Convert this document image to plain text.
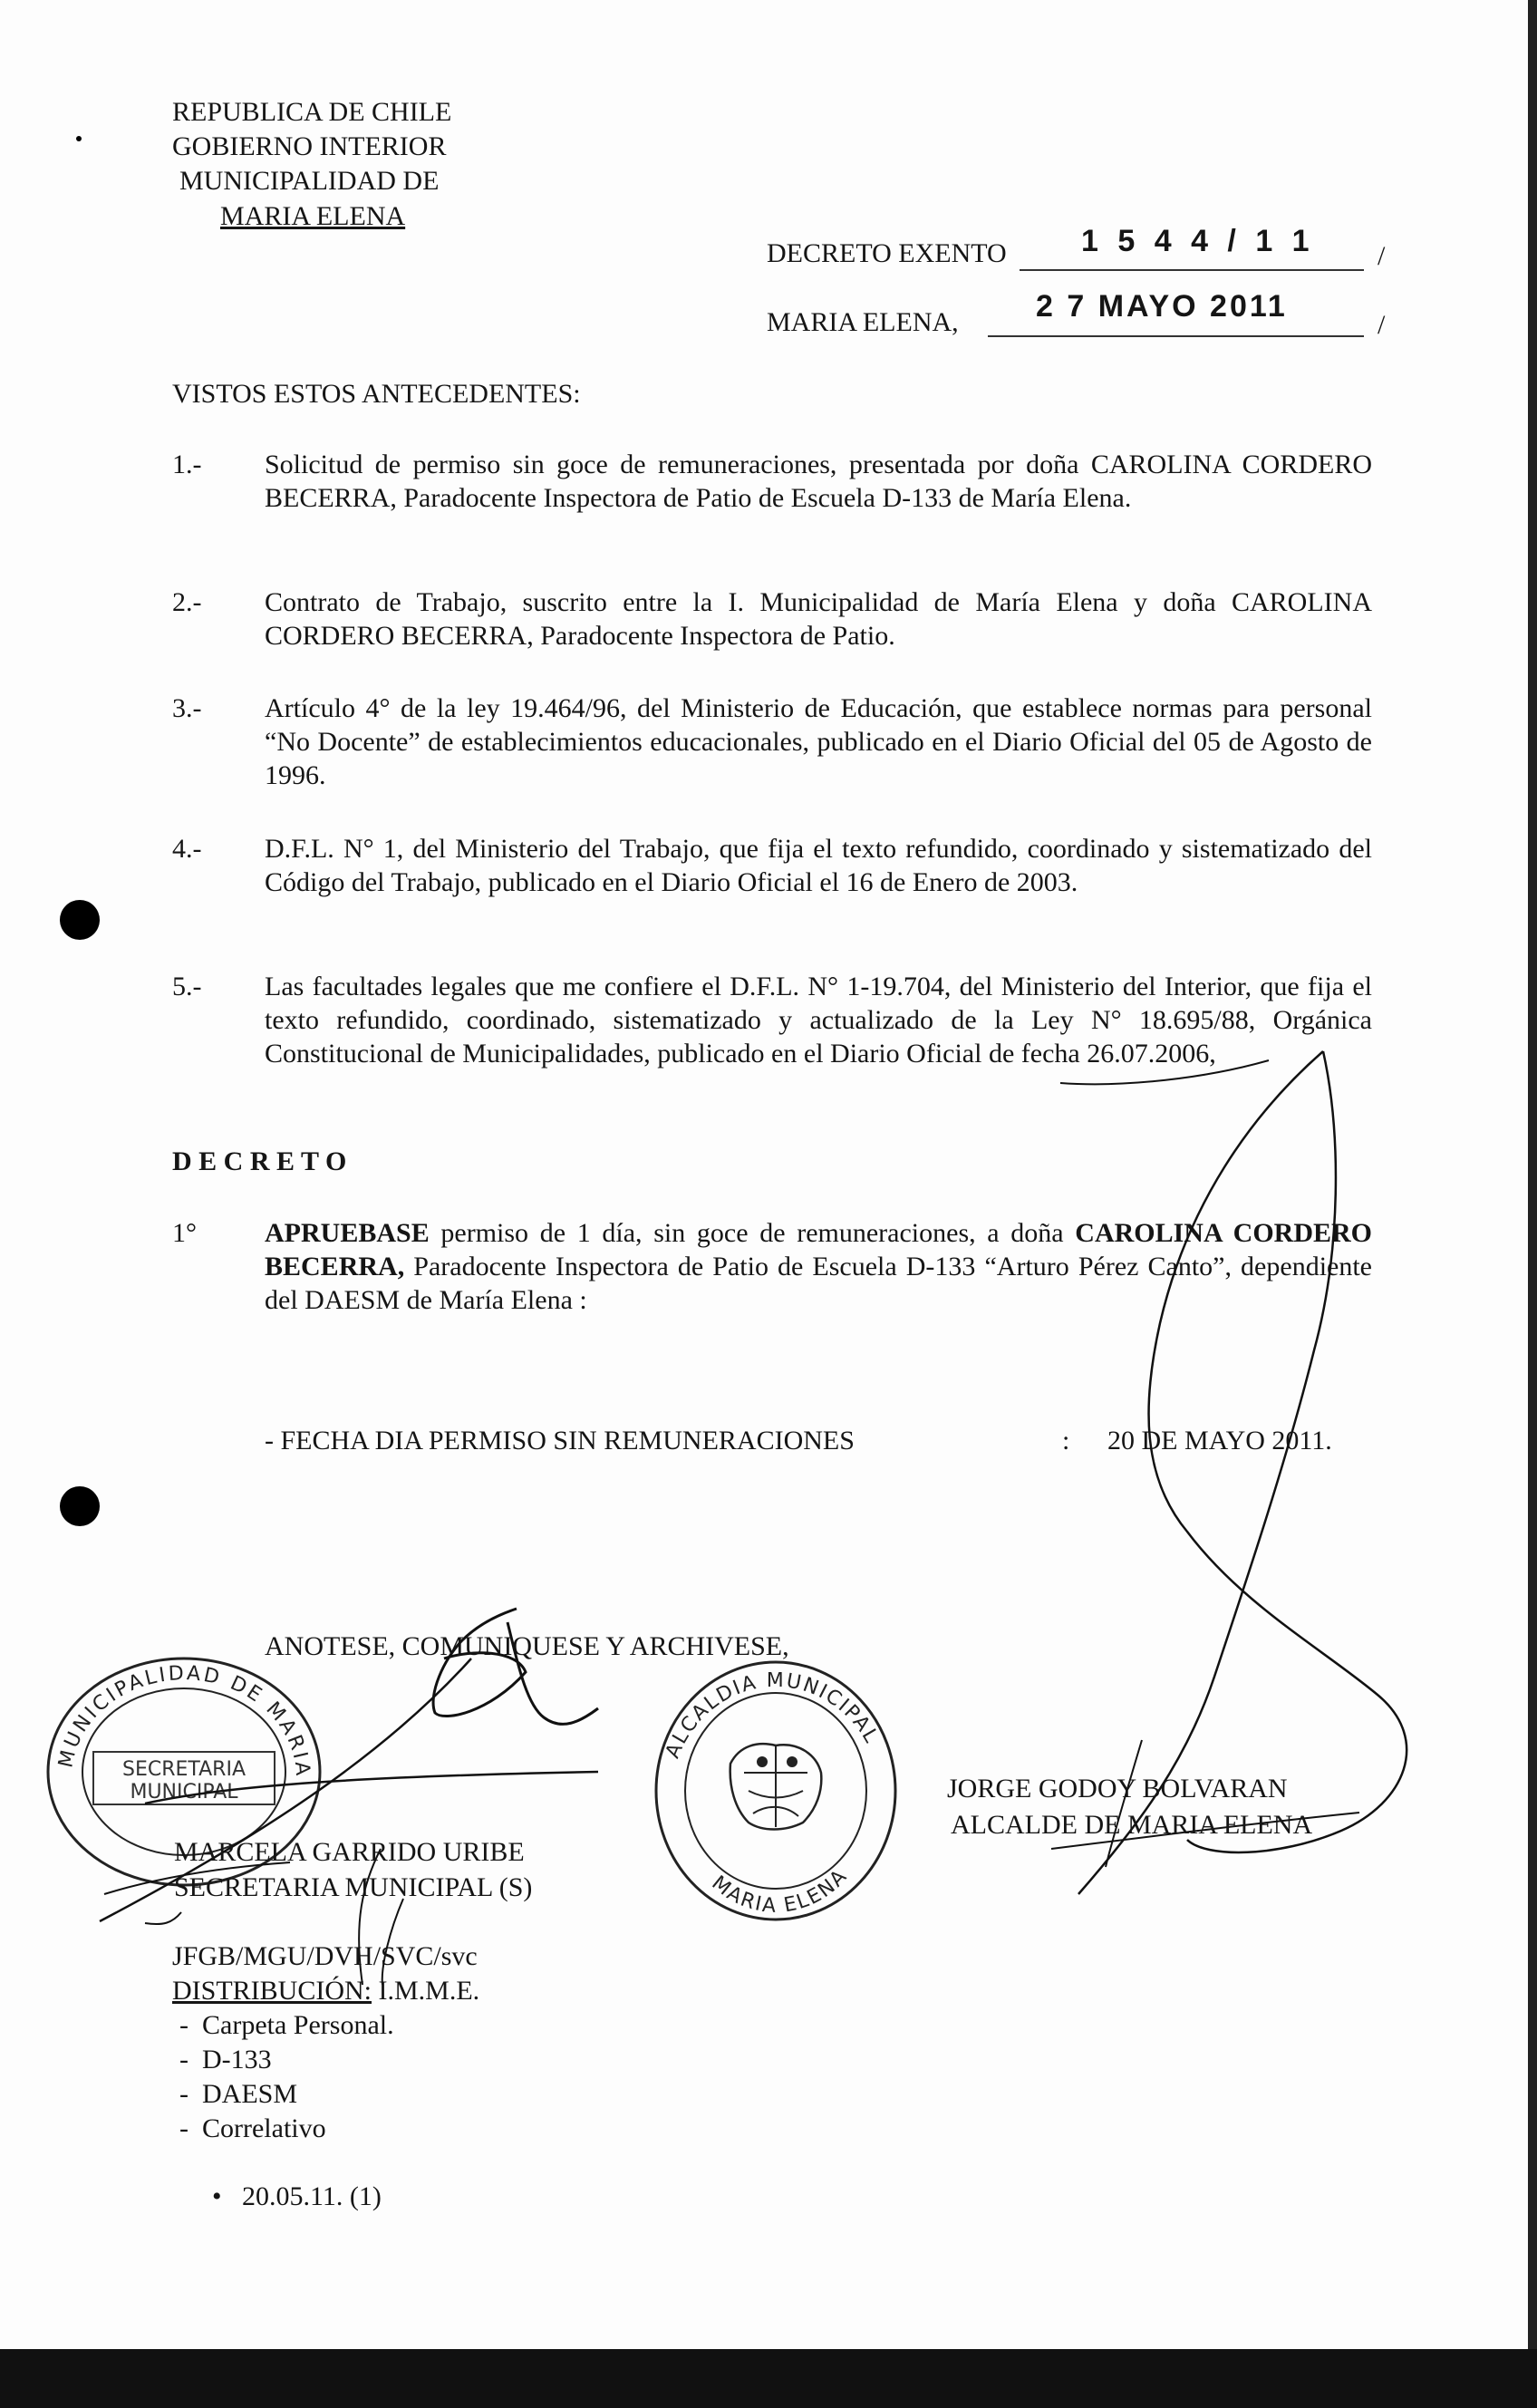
REPUBLICA DE CHILE
GOBIERNO INTERIOR
MUNICIPALIDAD DE
MARIA ELENA
DECRETO EXENTO 1 5 4 4 / 1 1 /
MARIA ELENA,	2 7 MAYO 2011
/
VISTOS ESTOS ANTECEDENTES:
1.- Solicitud de permiso sin goce de remuneraciones, presentada por doña CAROLINA CORDERO BECERRA, Paradocente Inspectora de Patio de Escuela D-133 de María Elena.
2.- Contrato de Trabajo, suscrito entre la I. Municipalidad de María Elena y doña CAROLINA CORDERO BECERRA, Paradocente Inspectora de Patio.
3.- Artículo 4° de la ley 19.464/96, del Ministerio de Educación, que establece normas para personal “No Docente” de establecimientos educacionales, publicado en el Diario Oficial del 05 de Agosto de 1996.
4.- D.F.L. N° 1, del Ministerio del Trabajo, que fija el texto refundido, coordinado y sistematizado del Código del Trabajo, publicado en el Diario Oficial el 16 de Enero de 2003.
5.- Las facultades legales que me confiere el D.F.L. N° 1-19.704, del Ministerio del Interior, que fija el texto refundido, coordinado, sistematizado y actualizado de la Ley N° 18.695/88, Orgánica Constitucional de Municipalidades, publicado en el Diario Oficial de fecha 26.07.2006,
D E C R E T O
1°	APRUEBASE permiso de 1 día, sin goce de remuneraciones, a doña CAROLINA CORDERO BECERRA, Paradocente Inspectora de Patio de Escuela D-133 “Arturo Pérez Canto”, dependiente del DAESM de María Elena :
- FECHA DIA PERMISO SIN REMUNERACIONES	: 20 DE MAYO 2011.
ANOTESE, COMUNIQUESE Y ARCHIVESE,
MUNICIPALIDAD DE MARIA ELENA
SECRETARIA
MUNICIPAL
MARCELA GARRIDO URIBE
SECRETARIA MUNICIPAL (S)
ALCALDIA MUNICIPAL
MARIA ELENA
JORGE GODOY BOLVARAN
ALCALDE DE MARIA ELENA
JFGB/MGU/DVH/SVC/svc
DISTRIBUCIÓN: I.M.M.E.
-  Carpeta Personal.
-  D-133
-  DAESM
-  Correlativo
•   20.05.11. (1)
